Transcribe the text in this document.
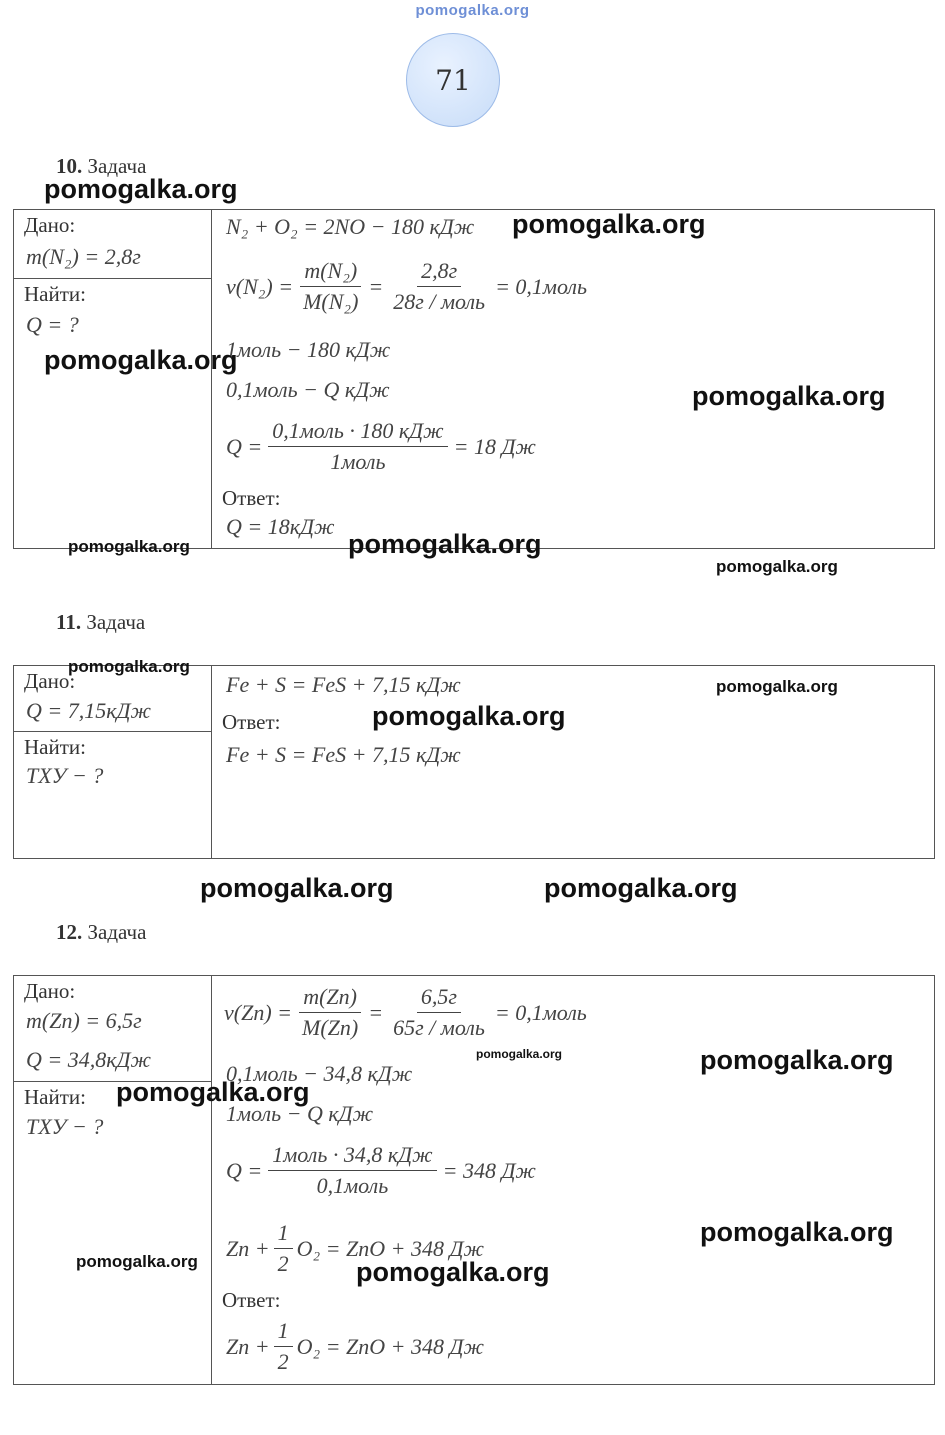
pomogalka.org
71
10. Задача
Дано:
m(N₂) = 2,8г
Найти:
Q = ?
N₂ + O₂ = 2NO − 180 кДж
$\nu(N_2) = \frac{\text{m(N₂)}}{\text{M(N₂)}} = \frac{2,8г}{\text{28г / моль}}$ = 0,1моль
1моль − 180 кДж
0,1моль − Q кДж
$Q = \frac{\text{0,1моль · 180 кДж}}{\text{1моль}} = 18$ Дж
Ответ:
Q = 18кДж
11. Задача
Дано:
Q = 7,15кДж
Найти:
ТХУ − ?
Fe + S = FeS + 7,15 кДж
Ответ:
Fe + S = FeS + 7,15 кДж
12. Задача
Дано:
m(Zn) = 6,5г
Q = 34,8кДж
Найти:
ТХУ − ?
$\nu(Zn) = \frac{m(Zn)}{M(Zn)} = \frac{6,5г}{\text{65г / моль}}$ = 0,1моль
0,1моль − 34,8 кДж
1моль − Q кДж
$Q = \frac{\text{1моль · 34,8 кДж}}{\text{0,1моль}} = 348$ Дж
$Zn + \frac{1}{2} O_2$ = ZnO + 348 Дж
Ответ:
$Zn + \frac{1}{2} O_2$ = ZnO + 348 Дж
pomogalka.org
pomogalka.org
pomogalka.org
pomogalka.org
pomogalka.org	pomogalka.org
pomogalka.org
pomogalka.org
pomogalka.org
pomogalka.org
pomogalka.org	pomogalka.org
pomogalka.org	pomogalka.org
pomogalka.org
pomogalka.org
pomogalka.org	pomogalka.org
